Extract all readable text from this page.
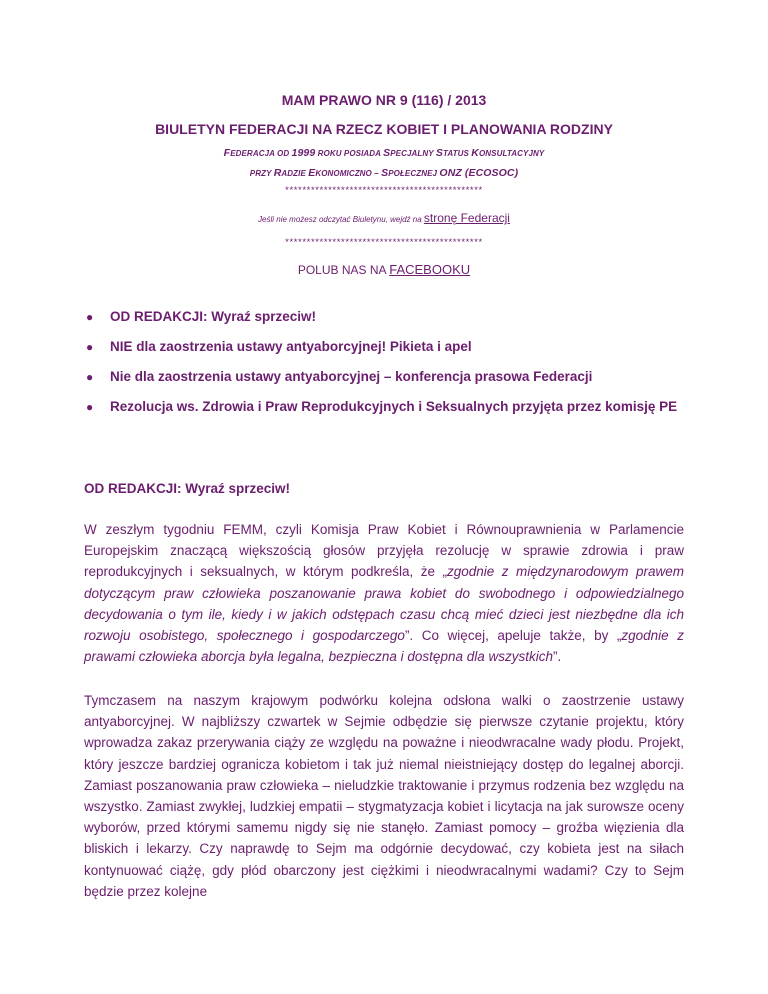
MAM PRAWO NR 9 (116) / 2013
BIULETYN FEDERACJI NA RZECZ KOBIET I PLANOWANIA RODZINY
FEDERACJA OD 1999 ROKU POSIADA SPECJALNY STATUS KONSULTACYJNY
PRZY RADZIE EKONOMICZNO – SPOŁECZNEJ ONZ (ECOSOC)
**********************************************
Jeśli nie możesz odczytać Biuletynu, wejdź na stronę Federacji
**********************************************
POLUB NAS NA FACEBOOKU
● OD REDAKCJI: Wyraź sprzeciw!
● NIE dla zaostrzenia ustawy antyaborcyjnej! Pikieta i apel
● Nie dla zaostrzenia ustawy antyaborcyjnej – konferencja prasowa Federacji
● Rezolucja ws. Zdrowia i Praw Reprodukcyjnych i Seksualnych przyjęta przez komisję PE
OD REDAKCJI: Wyraź sprzeciw!
W zeszłym tygodniu FEMM, czyli Komisja Praw Kobiet i Równouprawnienia w Parlamencie Europejskim znaczącą większością głosów przyjęła rezolucję w sprawie zdrowia i praw reprodukcyjnych i seksualnych, w którym podkreśla, że „zgodnie z międzynarodowym prawem dotyczącym praw człowieka poszanowanie prawa kobiet do swobodnego i odpowiedzialnego decydowania o tym ile, kiedy i w jakich odstępach czasu chcą mieć dzieci jest niezbędne dla ich rozwoju osobistego, społecznego i gospodarczego”. Co więcej, apeluje także, by „zgodnie z prawami człowieka aborcja była legalna, bezpieczna i dostępna dla wszystkich”.
Tymczasem na naszym krajowym podwórku kolejna odsłona walki o zaostrzenie ustawy antyaborcyjnej. W najbliższy czwartek w Sejmie odbędzie się pierwsze czytanie projektu, który wprowadza zakaz przerywania ciąży ze względu na poważne i nieodwracalne wady płodu. Projekt, który jeszcze bardziej ogranicza kobietom i tak już niemal nieistniejący dostęp do legalnej aborcji. Zamiast poszanowania praw człowieka – nieludzkie traktowanie i przymus rodzenia bez względu na wszystko. Zamiast zwykłej, ludzkiej empatii – stygmatyzacja kobiet i licytacja na jak surowsze oceny wyborów, przed którymi samemu nigdy się nie stanęło. Zamiast pomocy – groźba więzienia dla bliskich i lekarzy. Czy naprawdę to Sejm ma odgórnie decydować, czy kobieta jest na siłach kontynuować ciążę, gdy płód obarczony jest ciężkimi i nieodwracalnymi wadami? Czy to Sejm będzie przez kolejne
